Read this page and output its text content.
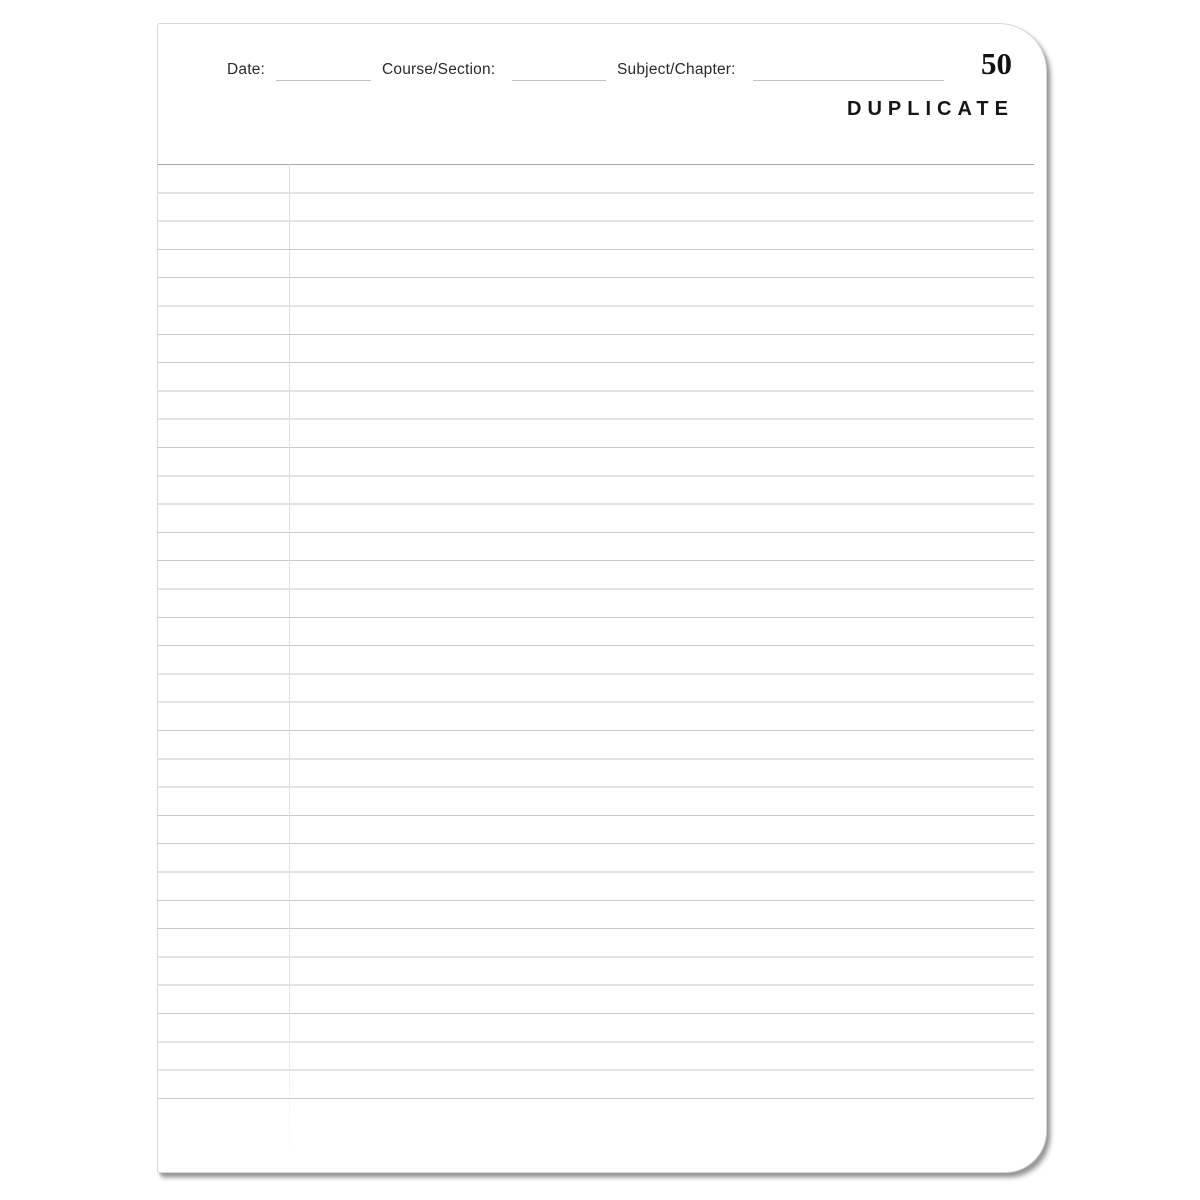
Date:	Course/Section:	Subject/Chapter:	50
DUPLICATE
